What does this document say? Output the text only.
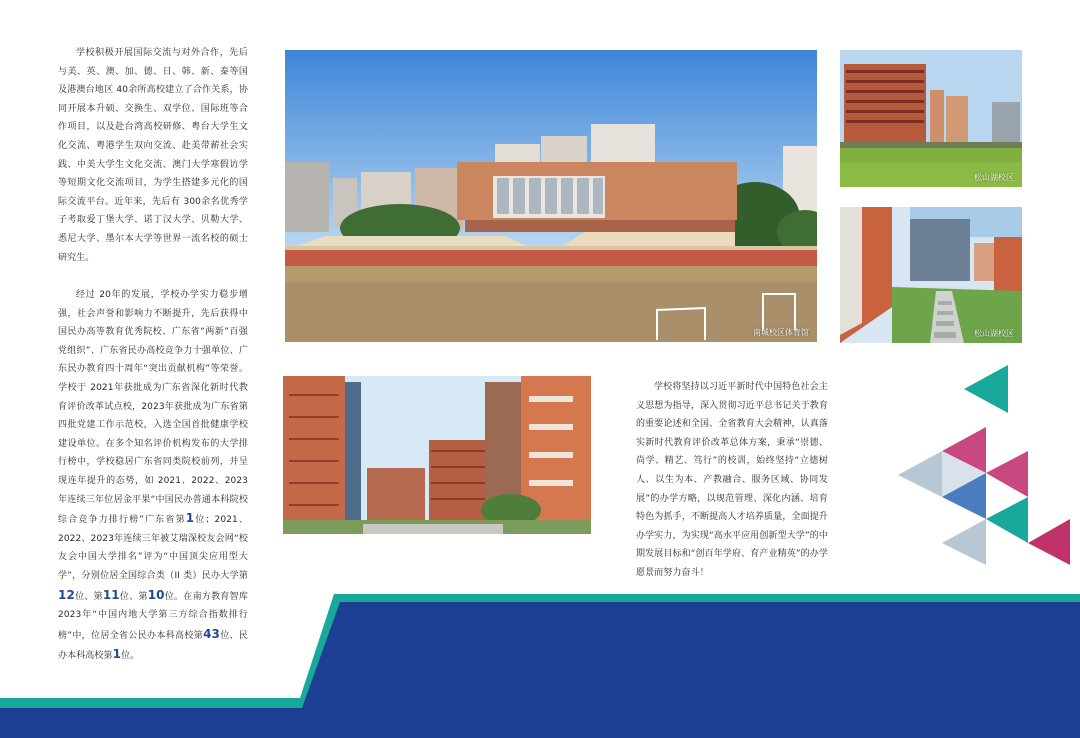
学校积极开展国际交流与对外合作，先后与美、英、澳、加、德、日、韩、新、泰等国及港澳台地区 40余所高校建立了合作关系，协同开展本升硕、交换生、双学位、国际班等合作项目，以及赴台湾高校研修、粤台大学生文化交流、粤港学生双向交流、赴美带薪社会实践、中美大学生文化交流、澳门大学寒假访学等短期文化交流项目，为学生搭建多元化的国际交流平台。近年来，先后有 300余名优秀学子考取爱丁堡大学、诺丁汉大学、贝勒大学、悉尼大学、墨尔本大学等世界一流名校的硕士研究生。

经过 20年的发展，学校办学实力稳步增强，社会声誉和影响力不断提升，先后获得中国民办高等教育优秀院校、广东省“两新”百强党组织”、广东省民办高校竞争力十强单位、广东民办教育四十周年“突出贡献机构”等荣誉。学校于 2021年获批成为广东省深化新时代教育评价改革试点校，2023年获批成为广东省第四批党建工作示范校，入选全国首批健康学校建设单位。在多个知名评价机构发布的大学排行榜中，学校稳居广东省同类院校前列，并呈现连年提升的态势，如 2021、2022、2023年连续三年位居金平果“中国民办普通本科院校综合竞争力排行榜”广东省第1位；2021、2022、2023年连续三年被艾瑞深校友会网“校友会中国大学排名”评为“中国顶尖应用型大学”，分别位居全国综合类（II 类）民办大学第12位、第11位、第10位。在南方教育智库 2023年“中国内地大学第三方综合指数排行榜”中，位居全省公民办本科高校第43位、民办本科高校第1位。

学校将坚持以习近平新时代中国特色社会主义思想为指导，深入贯彻习近平总书记关于教育的重要论述和全国、全省教育大会精神，认真落实新时代教育评价改革总体方案，秉承“崇德、尚学、精艺、笃行”的校训，始终坚持“立德树人、以生为本、产教融合、服务区域、协同发展”的办学方略，以规范管理、深化内涵、培育特色为抓手，不断提高人才培养质量，全面提升办学实力，为实现“高水平应用创新型大学”的中期发展目标和“创百年学府、育产业精英”的办学愿景而努力奋斗！

南城校区体育馆
松山湖校区
松山湖校区
